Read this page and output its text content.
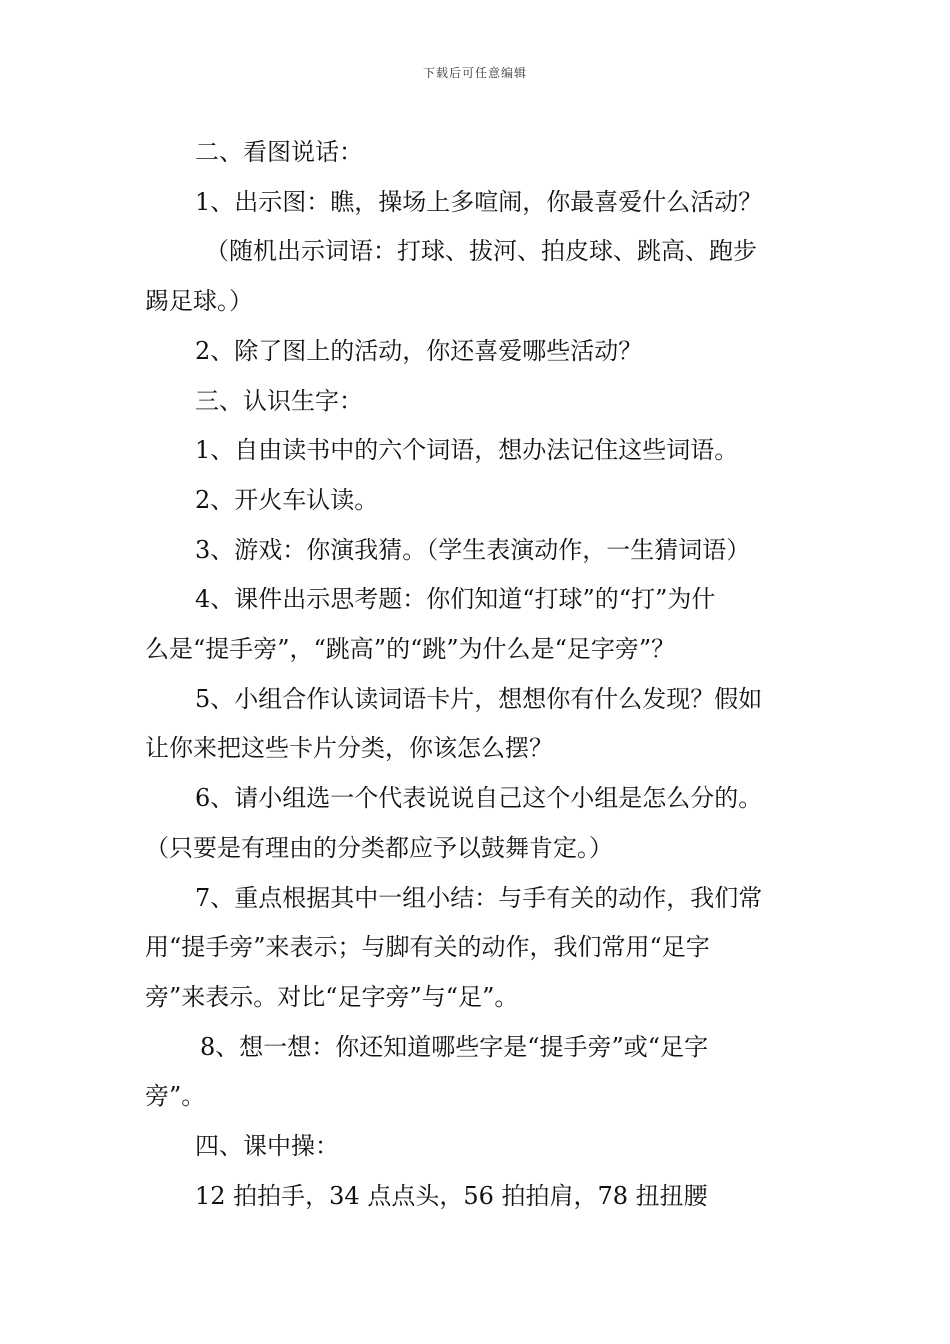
下载后可任意编辑

二、看图说话：

1、出示图：瞧，操场上多喧闹，你最喜爱什么活动？

（随机出示词语：打球、拔河、拍皮球、跳高、跑步

踢足球。）

2、除了图上的活动，你还喜爱哪些活动？

三、认识生字：

1、自由读书中的六个词语，想办法记住这些词语。

2、开火车认读。

3、游戏：你演我猜。（学生表演动作，一生猜词语）

4、课件出示思考题：你们知道“打球”的“打”为什

么是“提手旁”，“跳高”的“跳”为什么是“足字旁”？

5、小组合作认读词语卡片，想想你有什么发现？假如

让你来把这些卡片分类，你该怎么摆？

6、请小组选一个代表说说自己这个小组是怎么分的。

（只要是有理由的分类都应予以鼓舞肯定。）

7、重点根据其中一组小结：与手有关的动作，我们常

用“提手旁”来表示；与脚有关的动作，我们常用“足字

旁”来表示。对比“足字旁”与“足”。

8、想一想：你还知道哪些字是“提手旁”或“足字

旁”。

四、课中操：

12 拍拍手，34 点点头，56 拍拍肩，78 扭扭腰
